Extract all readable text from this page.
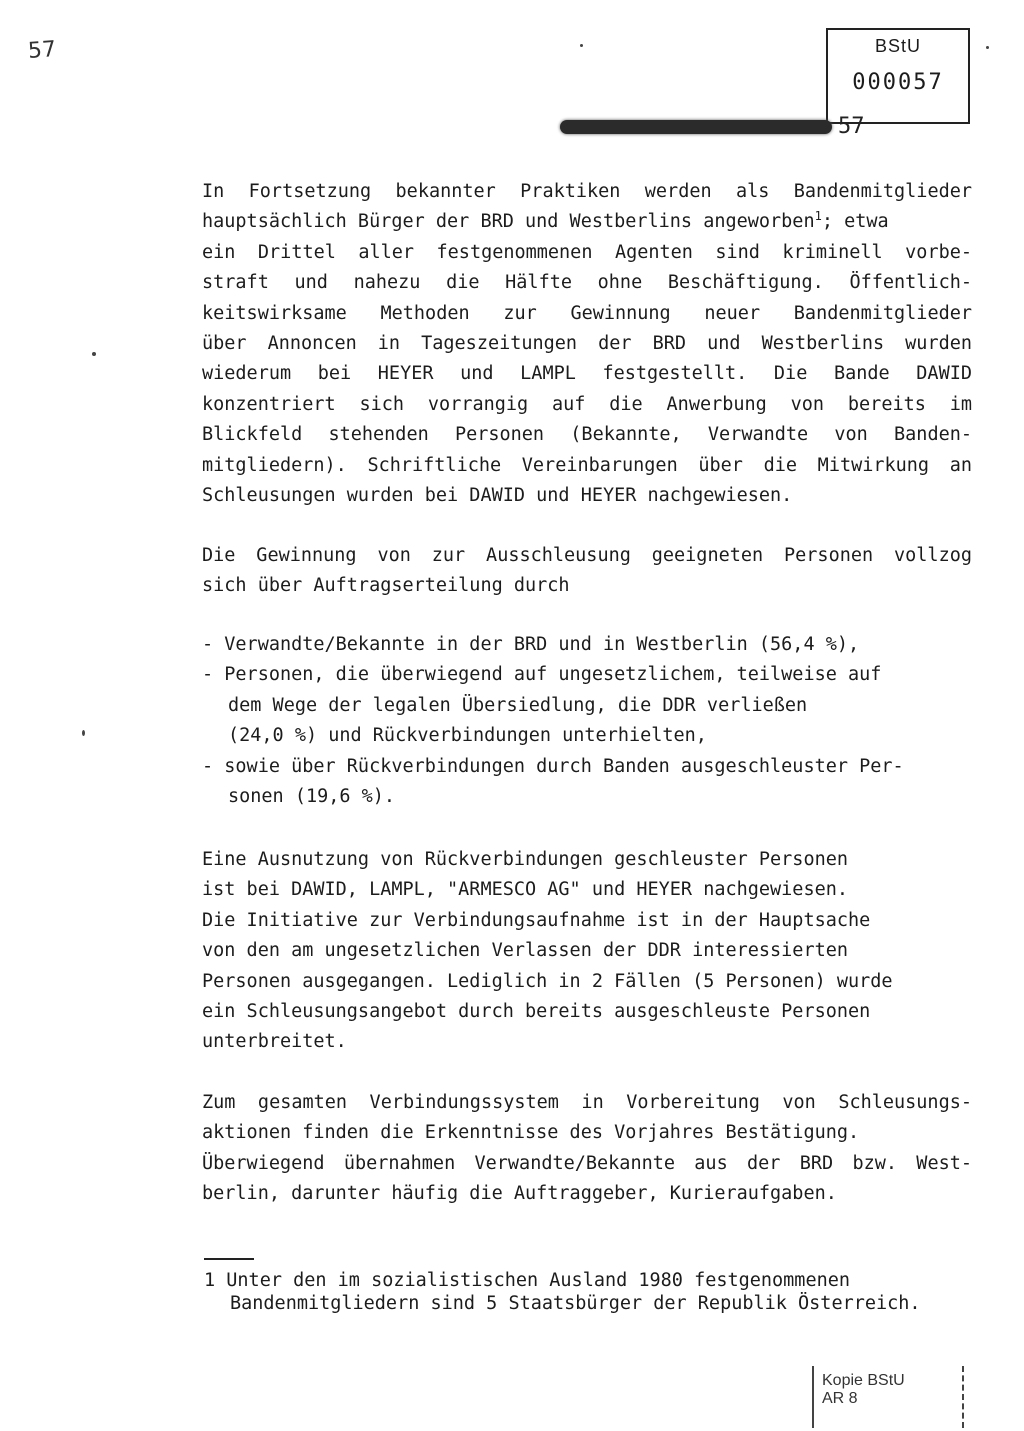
57	BStU
000057
57
In Fortsetzung bekannter Praktiken werden als Bandenmitglieder
hauptsächlich Bürger der BRD und Westberlins angeworben$^1$; etwa
ein Drittel aller festgenommenen Agenten sind kriminell vorbe-
straft und nahezu die Hälfte ohne Beschäftigung. Öffentlich-
keitswirksame Methoden zur Gewinnung neuer Bandenmitglieder
über Annoncen in Tageszeitungen der BRD und Westberlins wurden
wiederum bei HEYER und LAMPL festgestellt. Die Bande DAWID
konzentriert sich vorrangig auf die Anwerbung von bereits im
Blickfeld stehenden Personen (Bekannte, Verwandte von Banden-
mitgliedern). Schriftliche Vereinbarungen über die Mitwirkung an
Schleusungen wurden bei DAWID und HEYER nachgewiesen.
Die Gewinnung von zur Ausschleusung geeigneten Personen vollzog
sich über Auftragserteilung durch
- Verwandte/Bekannte in der BRD und in Westberlin (56,4 %),
- Personen, die überwiegend auf ungesetzlichem, teilweise auf
dem Wege der legalen Übersiedlung, die DDR verließen
(24,0 %) und Rückverbindungen unterhielten,
- sowie über Rückverbindungen durch Banden ausgeschleuster Per-
sonen (19,6 %).
Eine Ausnutzung von Rückverbindungen geschleuster Personen
ist bei DAWID, LAMPL, "ARMESCO AG" und HEYER nachgewiesen.
Die Initiative zur Verbindungsaufnahme ist in der Hauptsache
von den am ungesetzlichen Verlassen der DDR interessierten
Personen ausgegangen. Lediglich in 2 Fällen (5 Personen) wurde
ein Schleusungsangebot durch bereits ausgeschleuste Personen
unterbreitet.
Zum gesamten Verbindungssystem in Vorbereitung von Schleusungs-
aktionen finden die Erkenntnisse des Vorjahres Bestätigung.
Überwiegend übernahmen Verwandte/Bekannte aus der BRD bzw. West-
berlin, darunter häufig die Auftraggeber, Kurieraufgaben.
1 Unter den im sozialistischen Ausland 1980 festgenommenen
Bandenmitgliedern sind 5 Staatsbürger der Republik Österreich.
Kopie BStU
AR 8
